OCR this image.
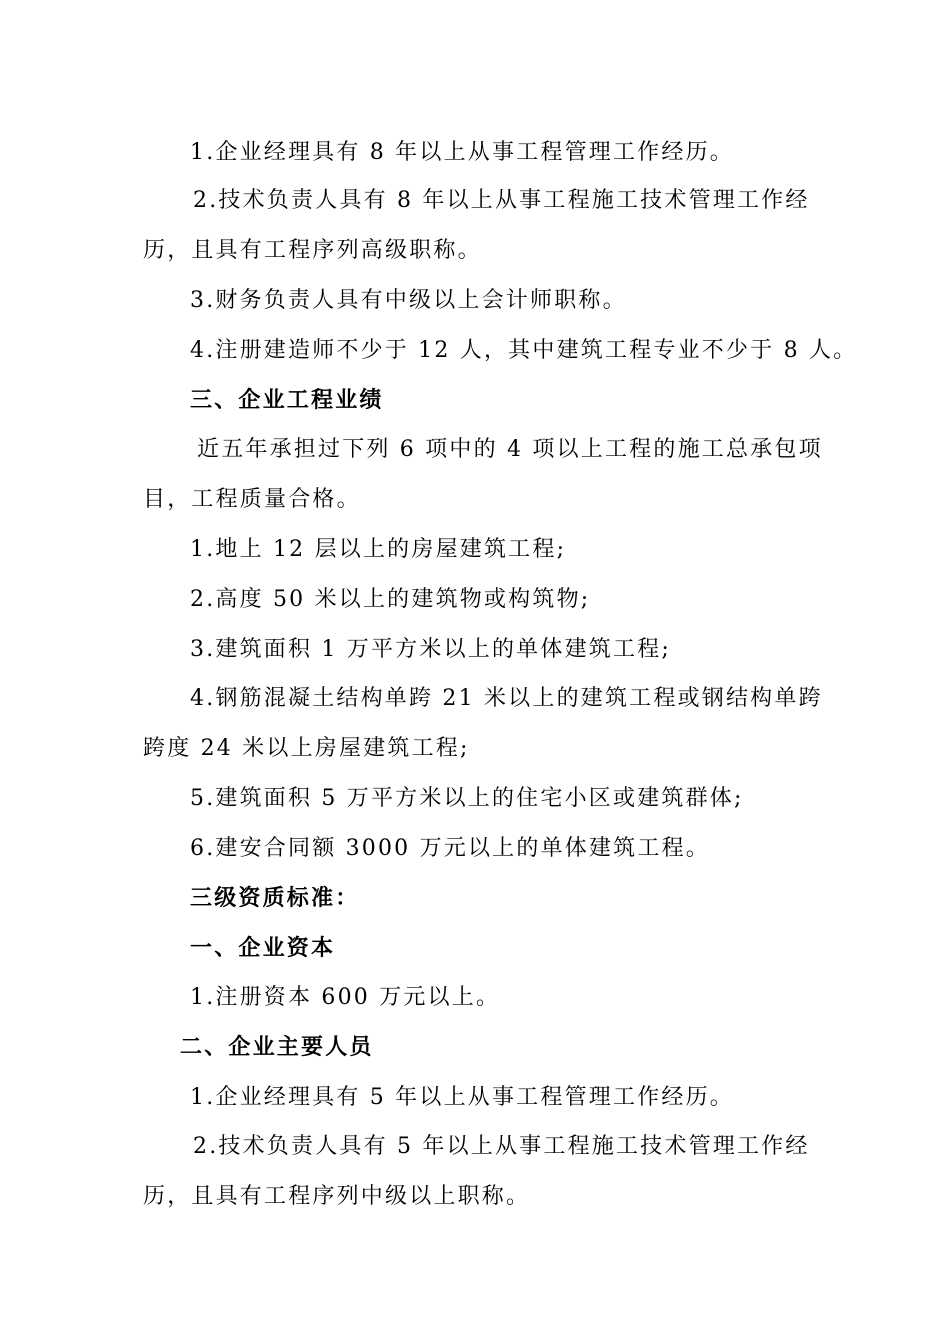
1.企业经理具有 8 年以上从事工程管理工作经历。
2.技术负责人具有 8 年以上从事工程施工技术管理工作经
历，且具有工程序列高级职称。
3.财务负责人具有中级以上会计师职称。
4.注册建造师不少于 12 人，其中建筑工程专业不少于 8 人。
三、企业工程业绩
近五年承担过下列 6 项中的 4 项以上工程的施工总承包项
目，工程质量合格。
1.地上 12 层以上的房屋建筑工程;
2.高度 50 米以上的建筑物或构筑物;
3.建筑面积 1 万平方米以上的单体建筑工程;
4.钢筋混凝土结构单跨 21 米以上的建筑工程或钢结构单跨
跨度 24 米以上房屋建筑工程;
5.建筑面积 5 万平方米以上的住宅小区或建筑群体;
6.建安合同额 3000 万元以上的单体建筑工程。
三级资质标准：
一、企业资本
1.注册资本 600 万元以上。
二、企业主要人员
1.企业经理具有 5 年以上从事工程管理工作经历。
2.技术负责人具有 5 年以上从事工程施工技术管理工作经
历，且具有工程序列中级以上职称。
